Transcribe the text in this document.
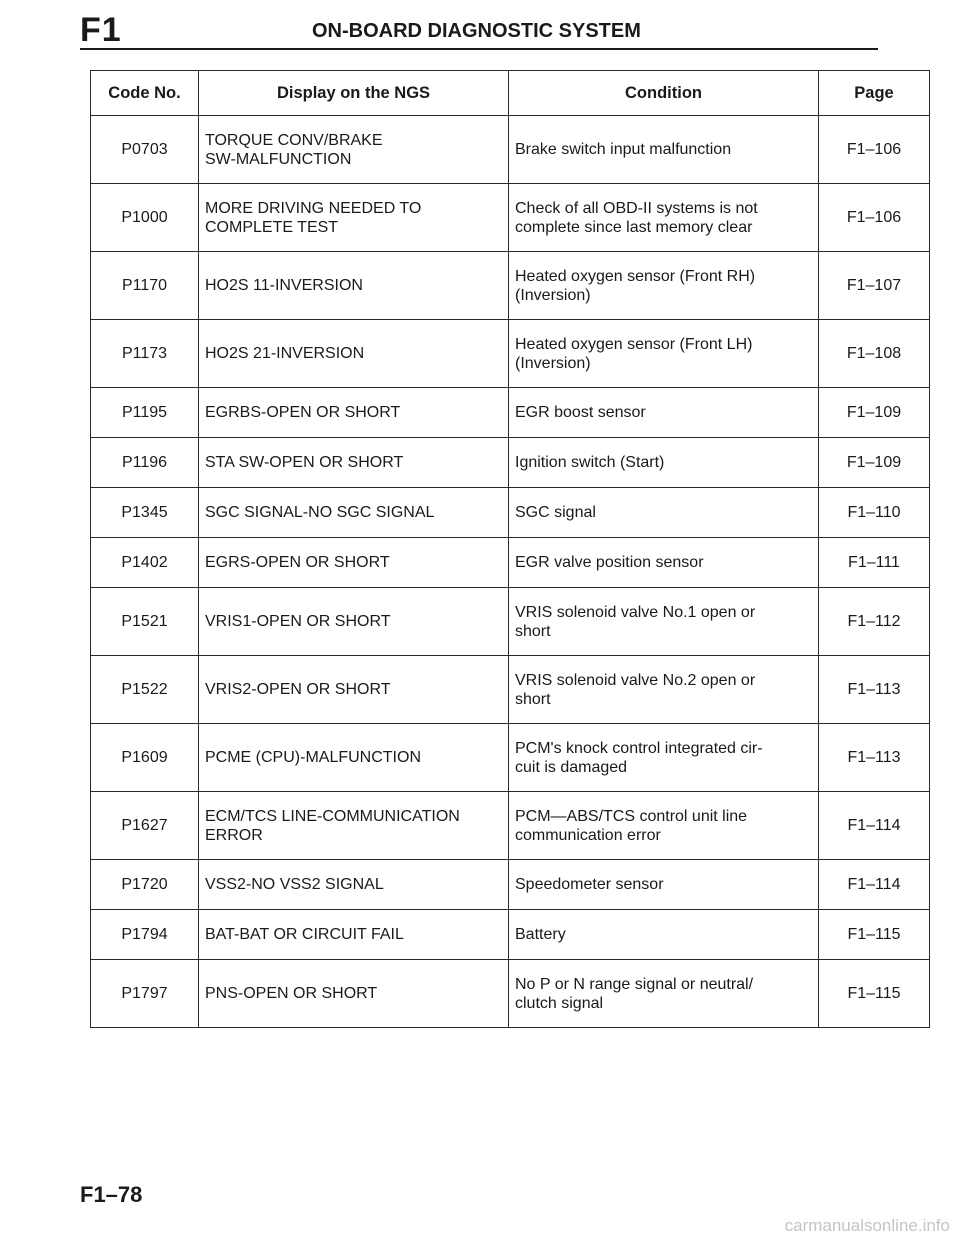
F1	ON-BOARD DIAGNOSTIC SYSTEM
Code No.	Display on the NGS	Condition	Page
P0703	TORQUE CONV/BRAKE
SW-MALFUNCTION	Brake switch input malfunction	F1–106
P1000	MORE DRIVING NEEDED TO
COMPLETE TEST	Check of all OBD-II systems is not
complete since last memory clear	F1–106
P1170	HO2S 11-INVERSION	Heated oxygen sensor (Front RH)
(Inversion)	F1–107
P1173	HO2S 21-INVERSION	Heated oxygen sensor (Front LH)
(Inversion)	F1–108
P1195	EGRBS-OPEN OR SHORT	EGR boost sensor	F1–109
P1196	STA SW-OPEN OR SHORT	Ignition switch (Start)	F1–109
P1345	SGC SIGNAL-NO SGC SIGNAL	SGC signal	F1–110
P1402	EGRS-OPEN OR SHORT	EGR valve position sensor	F1–111
P1521	VRIS1-OPEN OR SHORT	VRIS solenoid valve No.1 open or
short	F1–112
P1522	VRIS2-OPEN OR SHORT	VRIS solenoid valve No.2 open or
short	F1–113
P1609	PCME (CPU)-MALFUNCTION	PCM's knock control integrated cir-
cuit is damaged	F1–113
P1627	ECM/TCS LINE-COMMUNICATION
ERROR	PCM—ABS/TCS control unit line
communication error	F1–114
P1720	VSS2-NO VSS2 SIGNAL	Speedometer sensor	F1–114
P1794	BAT-BAT OR CIRCUIT FAIL	Battery	F1–115
P1797	PNS-OPEN OR SHORT	No P or N range signal or neutral/
clutch signal	F1–115
F1–78
carmanualsonline.info
